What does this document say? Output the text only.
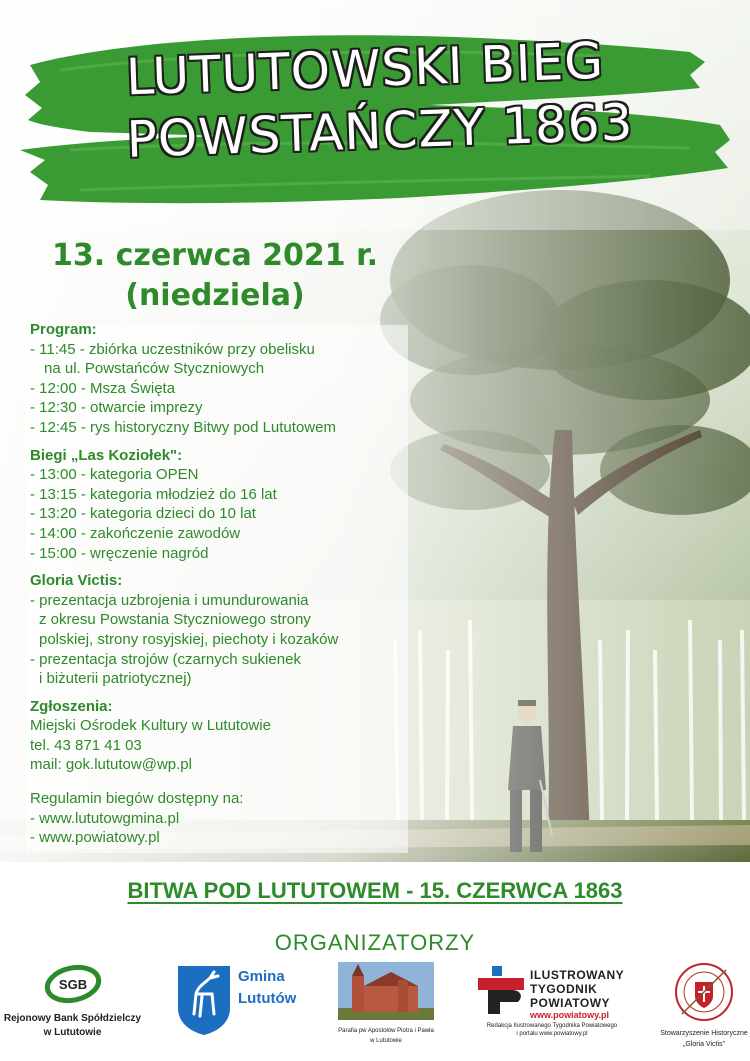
LUTUTOWSKI BIEG
POWSTAŃCZY 1863
13. czerwca 2021 r.
(niedziela)
Program:
- 11:45 - zbiórka uczestników przy obelisku
na ul. Powstańców Styczniowych
- 12:00 - Msza Święta
- 12:30 - otwarcie imprezy
- 12:45 - rys historyczny Bitwy pod Lututowem
Biegi „Las Koziołek":
- 13:00 - kategoria OPEN
- 13:15 - kategoria młodzież do 16 lat
- 13:20 - kategoria dzieci do 10 lat
- 14:00 - zakończenie zawodów
- 15:00 - wręczenie nagród
Gloria Victis:
- prezentacja uzbrojenia i umundurowania
z okresu Powstania Styczniowego strony
polskiej, strony rosyjskiej, piechoty i kozaków
- prezentacja strojów (czarnych sukienek
i biżuterii patriotycznej)
Zgłoszenia:
Miejski Ośrodek Kultury w Lututowie
tel. 43 871 41 03
mail: gok.lututow@wp.pl
Regulamin biegów dostępny na:
- www.lututowgmina.pl
- www.powiatowy.pl
BITWA POD LUTUTOWEM - 15. CZERWCA 1863
ORGANIZATORZY
SGB
Rejonowy Bank Spółdzielczy
w Lututowie
Gmina
Lututów
Parafia pw Apostołów Piotra i Pawła
w Lututowie
ILUSTROWANY
TYGODNIK
POWIATOWY
www.powiatowy.pl
Redakcja Ilustrowanego Tygodnika Powiatowego
i portalu www.powiatowy.pl	Stowarzyszenie Historyczne
„Gloria Victis"
